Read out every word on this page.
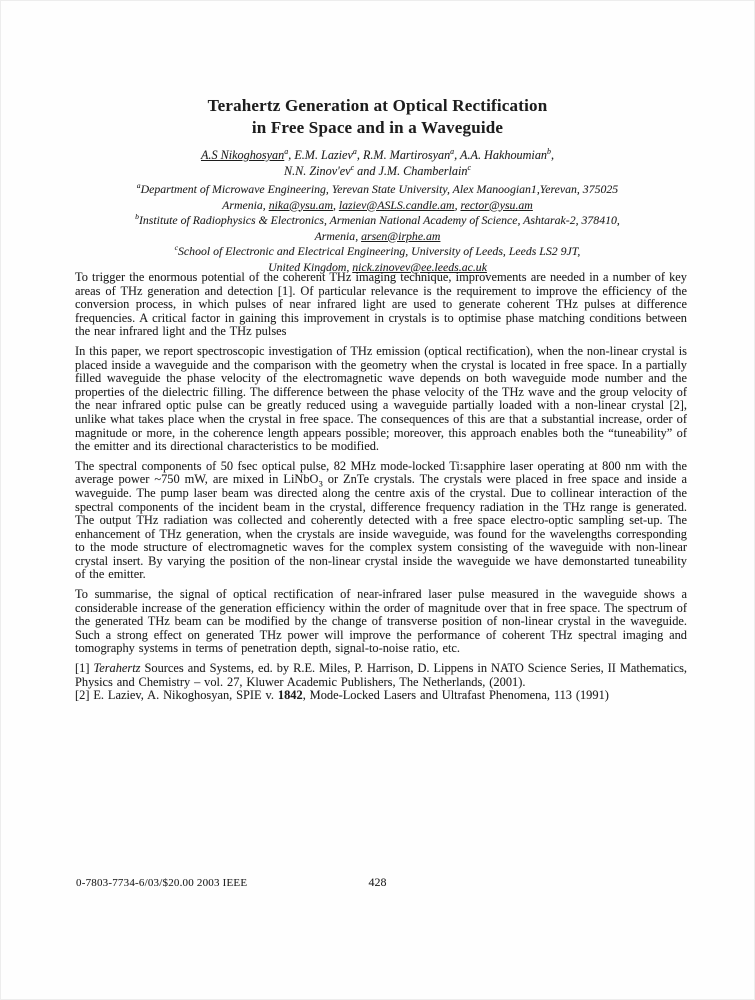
Terahertz Generation at Optical Rectification
in Free Space and in a Waveguide
A.S Nikoghosyan$^a$, E.M. Laziev$^a$, R.M. Martirosyan$^a$, A.A. Hakhoumian$^b$,
N.N. $Zinov'ev^c$ and J.M. Chamberlain$^c$
$^a$Department of Microwave Engineering, Yerevan State University, Alex Manoogian1,Yerevan, 375025
Armenia, nika@ysu.am, laziev@ASLS.candle.am, rector@ysu.am
$^b$Institute of Radiophysics & Electronics, Armenian National Academy of Science, Ashtarak-2, 378410,
Armenia, arsen@irphe.am
$^c$School of Electronic and Electrical Engineering, University of Leeds, Leeds LS2 9JT,
United Kingdom, nick.zinovev@ee.leeds.ac.uk

To trigger the enormous potential of the coherent THz imaging technique, improvements are needed in a number of key areas of THz generation and detection [1]. Of particular relevance is the requirement to improve the efficiency of the conversion process, in which pulses of near infrared light are used to generate coherent THz pulses at difference frequencies. A critical factor in gaining this improvement in crystals is to optimise phase matching conditions between the near infrared light and the THz pulses

In this paper, we report spectroscopic investigation of THz emission (optical rectification), when the non-linear crystal is placed inside a waveguide and the comparison with the geometry when the crystal is located in free space. In a partially filled waveguide the phase velocity of the electromagnetic wave depends on both waveguide mode number and the properties of the dielectric filling. The difference between the phase velocity of the THz wave and the group velocity of the near infrared optic pulse can be greatly reduced using a waveguide partially loaded with a non-linear crystal [2], unlike what takes place when the crystal in free space. The consequences of this are that a substantial increase, order of magnitude or more, in the coherence length appears possible; moreover, this approach enables both the “tuneability” of the emitter and its directional characteristics to be modified.

The spectral components of 50 fsec optical pulse, 82 MHz mode-locked Ti:sapphire laser operating at 800 nm with the average power ~750 mW, are mixed in LiNbO$_3$ or ZnTe crystals. The crystals were placed in free space and inside a waveguide. The pump laser beam was directed along the centre axis of the crystal. Due to collinear interaction of the spectral components of the incident beam in the crystal, difference frequency radiation in the THz range is generated. The output THz radiation was collected and coherently detected with a free space electro-optic sampling set-up. The enhancement of THz generation, when the crystals are inside waveguide, was found for the wavelengths corresponding to the mode structure of electromagnetic waves for the complex system consisting of the waveguide with non-linear crystal insert. By varying the position of the non-linear crystal inside the waveguide we have demonstarted tuneability of the emitter.

To summarise, the signal of optical rectification of near-infrared laser pulse measured in the waveguide shows a considerable increase of the generation efficiency within the order of magnitude over that in free space. The spectrum of the generated THz beam can be modified by the change of transverse position of non-linear crystal in the waveguide. Such a strong effect on generated THz power will improve the performance of coherent THz spectral imaging and tomography systems in terms of penetration depth, signal-to-noise ratio, etc.

[1] Terahertz Sources and Systems, ed. by R.E. Miles, P. Harrison, D. Lippens in NATO Science Series, II Mathematics, Physics and Chemistry – vol. 27, Kluwer Academic Publishers, The Netherlands, (2001).
[2] E. Laziev, A. Nikoghosyan, SPIE v. 1842, Mode-Locked Lasers and Ultrafast Phenomena, 113 (1991)
0-7803-7734-6/03/$20.00 2003 IEEE	428
